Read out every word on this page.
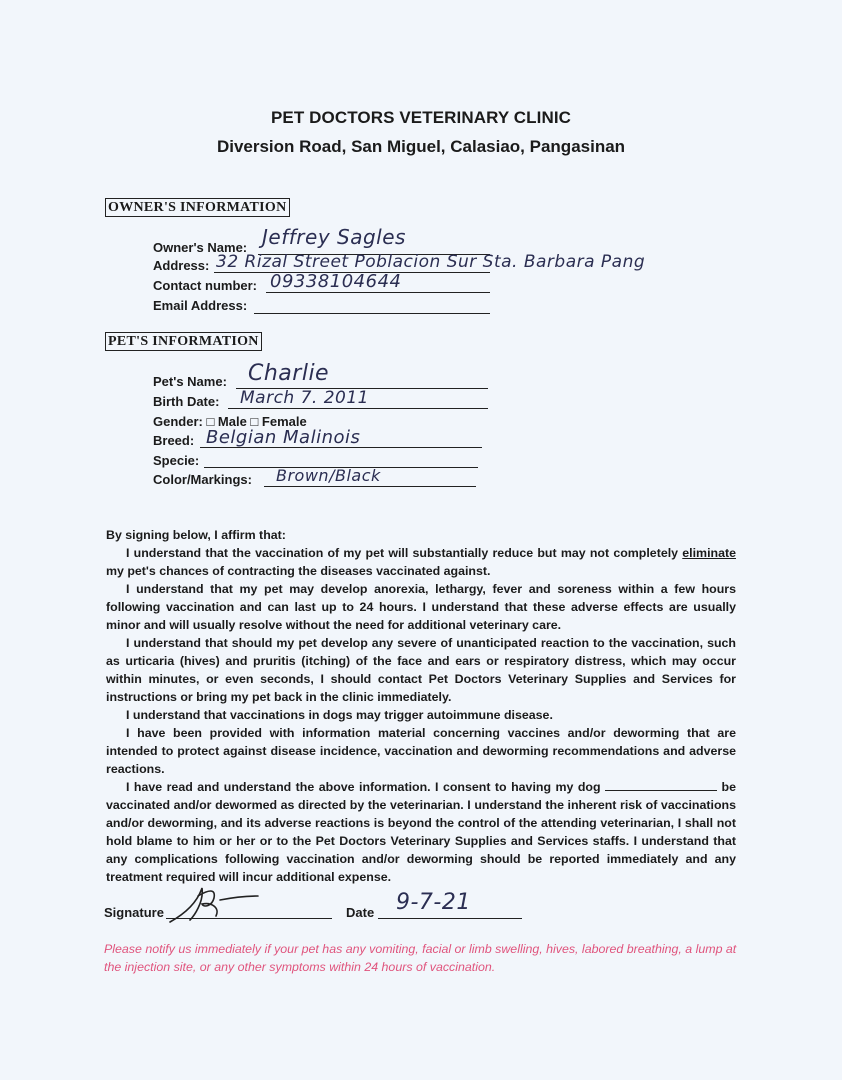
PET DOCTORS VETERINARY CLINIC
Diversion Road, San Miguel, Calasiao, Pangasinan
OWNER'S INFORMATION
Owner's Name: Jeffrey Sagles
Address: 32 Rizal Street Poblacion Sur Sta. Barbara Pang
Contact number: 09338104644
Email Address:
PET'S INFORMATION
Pet's Name: Charlie
Birth Date: March 7. 2011
Gender: □ Male □ Female
Breed: Belgian Malinois
Specie:
Color/Markings: Brown/Black

By signing below, I affirm that:

I understand that the vaccination of my pet will substantially reduce but may not completely eliminate my pet's chances of contracting the diseases vaccinated against.

I understand that my pet may develop anorexia, lethargy, fever and soreness within a few hours following vaccination and can last up to 24 hours. I understand that these adverse effects are usually minor and will usually resolve without the need for additional veterinary care.

I understand that should my pet develop any severe of unanticipated reaction to the vaccination, such as urticaria (hives) and pruritis (itching) of the face and ears or respiratory distress, which may occur within minutes, or even seconds, I should contact Pet Doctors Veterinary Supplies and Services for instructions or bring my pet back in the clinic immediately.

I understand that vaccinations in dogs may trigger autoimmune disease.

I have been provided with information material concerning vaccines and/or deworming that are intended to protect against disease incidence, vaccination and deworming recommendations and adverse reactions.

I have read and understand the above information. I consent to having my dog	be vaccinated and/or dewormed as directed by the veterinarian. I understand the inherent risk of vaccinations and/or deworming, and its adverse reactions is beyond the control of the attending veterinarian, I shall not hold blame to him or her or to the Pet Doctors Veterinary Supplies and Services staffs. I understand that any complications following vaccination and/or deworming should be reported immediately and any treatment required will incur additional expense.

Signature	Date 9-7-21
Please notify us immediately if your pet has any vomiting, facial or limb swelling, hives, labored breathing, a lump at the injection site, or any other symptoms within 24 hours of vaccination.
